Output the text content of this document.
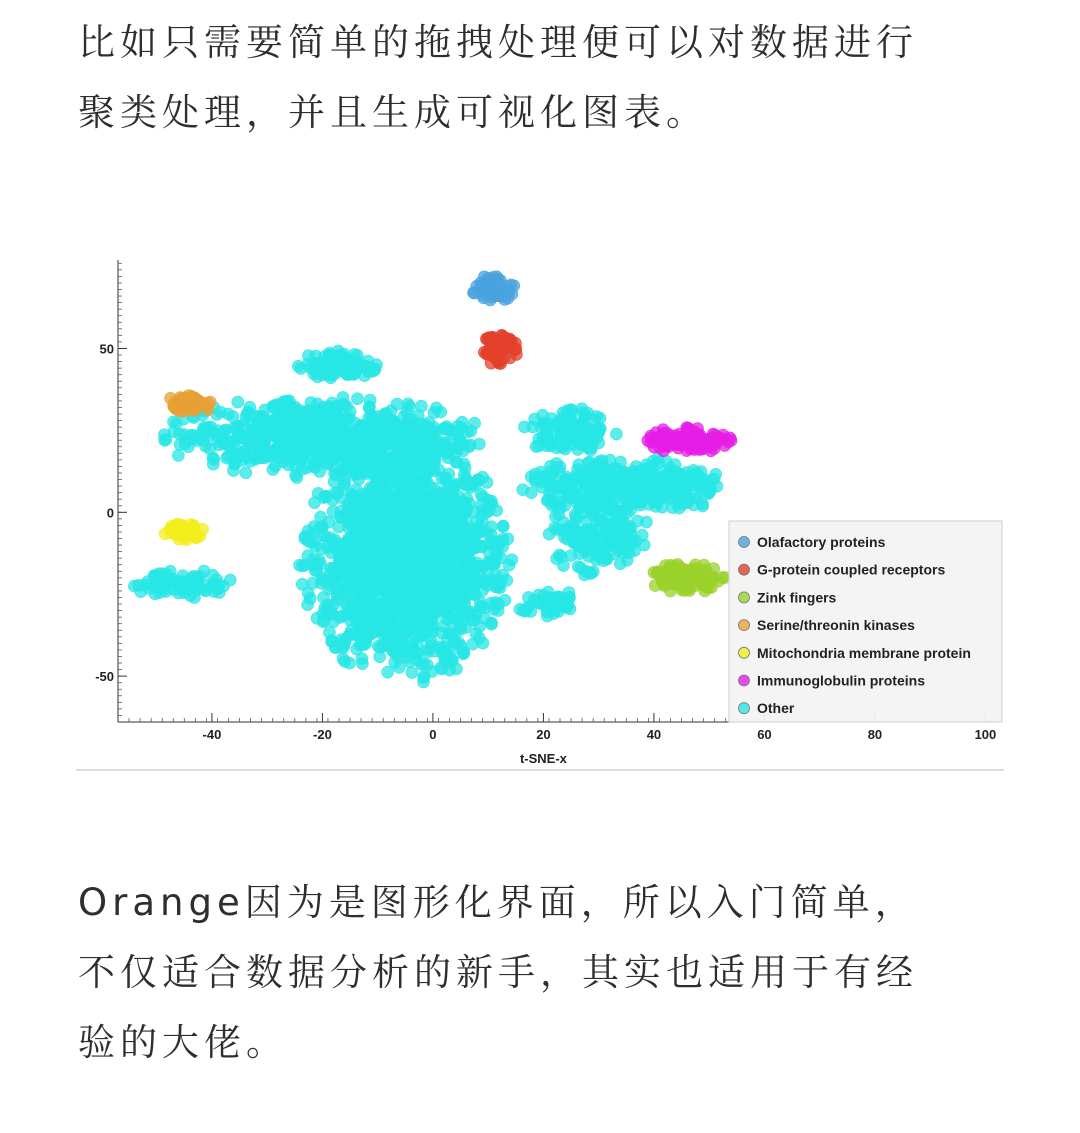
比如只需要简单的拖拽处理便可以对数据进行
聚类处理，并且生成可视化图表。

-40	-20	0	20	40	60	80	100
50
0
-50
t-SNE-x
Olafactory proteins
G-protein coupled receptors
Zink fingers
Serine/threonin kinases
Mitochondria membrane protein
Immunoglobulin proteins
Other

Orange因为是图形化界面，所以入门简单，
不仅适合数据分析的新手，其实也适用于有经
验的大佬。
